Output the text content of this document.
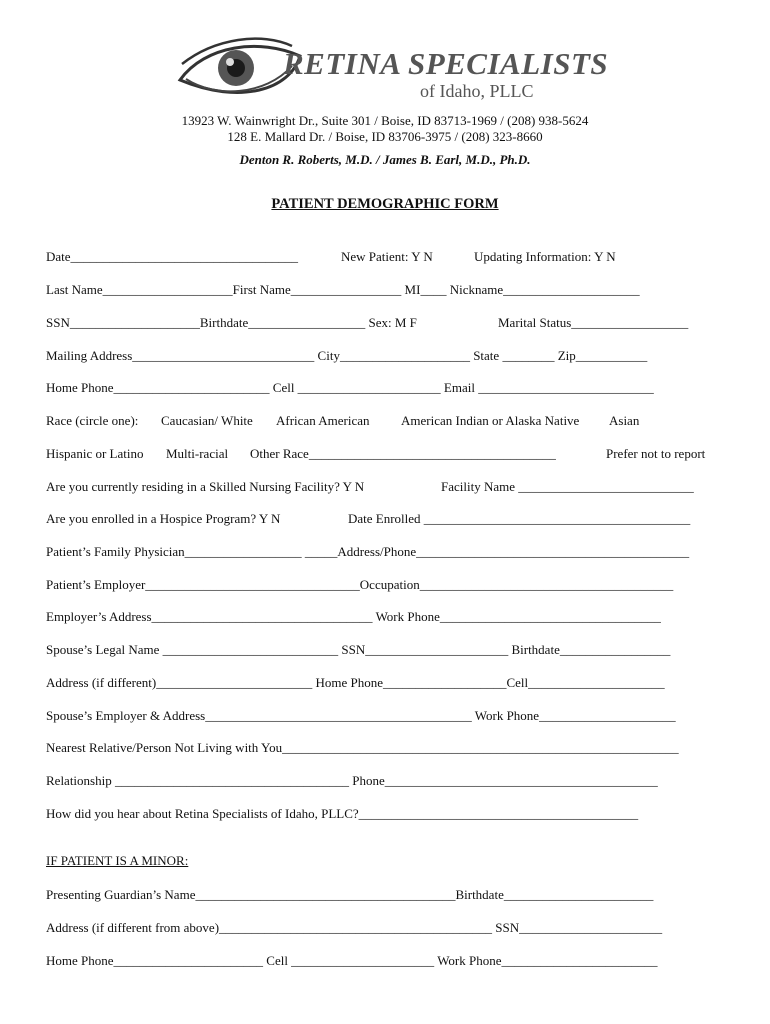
RETINA SPECIALISTS
of Idaho, PLLC
13923 W. Wainwright Dr., Suite 301 / Boise, ID 83713-1969 / (208) 938-5624
128 E. Mallard Dr. / Boise, ID 83706-3975 / (208) 323-8660
Denton R. Roberts, M.D. / James B. Earl, M.D., Ph.D.
PATIENT DEMOGRAPHIC FORM
Date___________________________________	New Patient: Y N	Updating Information: Y N
Last Name____________________First Name_________________ MI____ Nickname_____________________
SSN____________________Birthdate__________________ Sex: M F	Marital Status__________________
Mailing Address____________________________ City____________________ State ________ Zip___________
Home Phone________________________ Cell ______________________ Email ___________________________
Race (circle one): Caucasian/ White African American American Indian or Alaska Native Asian
Hispanic or Latino Multi-racial Other Race______________________________________	Prefer not to report
Are you currently residing in a Skilled Nursing Facility? Y N	Facility Name ___________________________
Are you enrolled in a Hospice Program? Y N	Date Enrolled _________________________________________
Patient’s Family Physician__________________ _____Address/Phone__________________________________________
Patient’s Employer_________________________________Occupation_______________________________________
Employer’s Address__________________________________ Work Phone__________________________________
Spouse’s Legal Name ___________________________ SSN______________________ Birthdate_________________
Address (if different)________________________ Home Phone___________________Cell_____________________
Spouse’s Employer & Address_________________________________________ Work Phone_____________________
Nearest Relative/Person Not Living with You_____________________________________________________________
Relationship ____________________________________ Phone__________________________________________
How did you hear about Retina Specialists of Idaho, PLLC?___________________________________________
IF PATIENT IS A MINOR:
Presenting Guardian’s Name________________________________________Birthdate_______________________
Address (if different from above)__________________________________________ SSN______________________
Home Phone_______________________ Cell ______________________ Work Phone________________________
